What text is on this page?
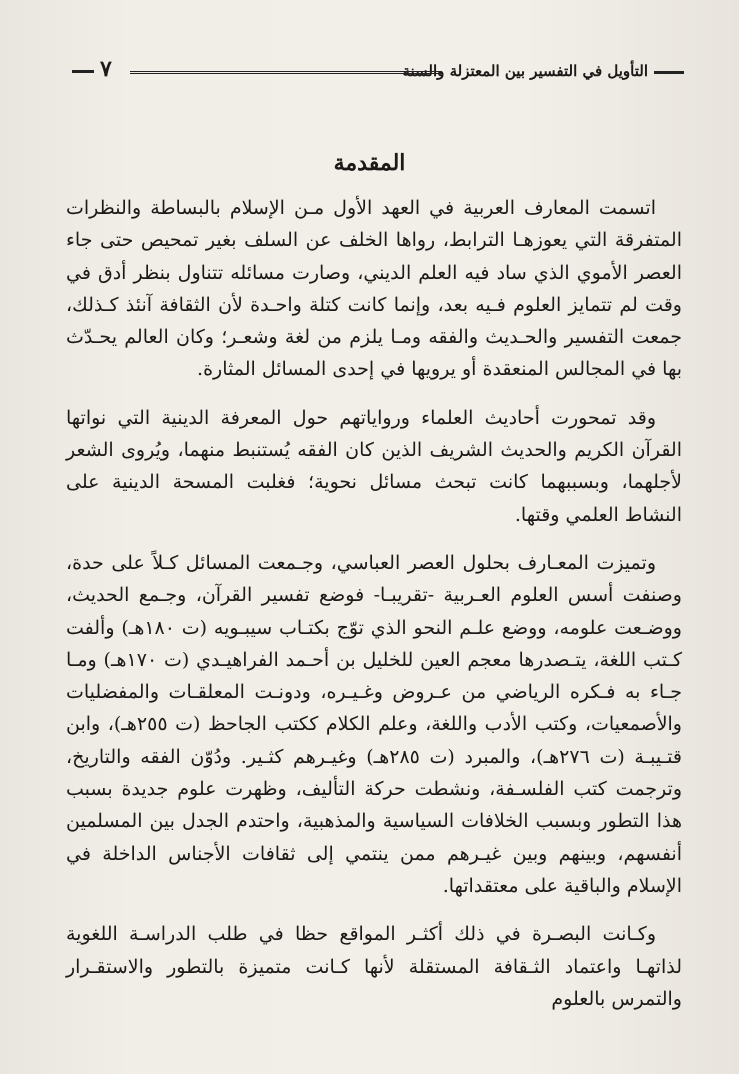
التأويل في التفسير بين المعتزلة والسنة
٧
المقدمة

اتسمت المعارف العربية في العهد الأول مـن الإسلام بالبساطة والنظرات المتفرقة التي يعوزهـا الترابط، رواها الخلف عن السلف بغير تمحيص حتى جاء العصر الأموي الذي ساد فيه العلم الديني، وصارت مسائله تتناول بنظر أدق في وقت لم تتمايز العلوم فـيه بعد، وإنما كانت كتلة واحـدة لأن الثقافة آنئذ كـذلك، جمعت التفسير والحـديث والفقه ومـا يلزم من لغة وشعـر؛ وكان العالم يحـدّث بها في المجالس المنعقدة أو يرويها في إحدى المسائل المثارة.

وقد تمحورت أحاديث العلماء ورواياتهم حول المعرفة الدينية التي نواتها القرآن الكريم والحديث الشريف الذين كان الفقه يُستنبط منهما، ويُروى الشعر لأجلهما، وبسببهما كانت تبحث مسائل نحوية؛ فغلبت المسحة الدينية على النشاط العلمي وقتها.

وتميزت المعـارف بحلول العصر العباسي، وجـمعت المسائل كـلاً على حدة، وصنفت أسس العلوم العـربية -تقريبـا- فوضع تفسير القرآن، وجـمع الحديث، ووضـعت علومه، ووضع علـم النحو الذي توّج بكتـاب سيبـويه (ت ١٨٠هـ) وألفت كـتب اللغة، يتـصدرها معجم العين للخليل بن أحـمد الفراهيـدي (ت ١٧٠هـ) ومـا جـاء به فـكره الرياضي من عـروض وغـيـره، ودونـت المعلقـات والمفضليات والأصمعيات، وكتب الأدب واللغة، وعلم الكلام ككتب الجاحظ (ت ٢٥٥هـ)، وابن قتـيبـة (ت ٢٧٦هـ)، والمبرد (ت ٢٨٥هـ) وغيـرهم كثـير. ودُوّن الفقه والتاريخ، وترجمت كتب الفلسـفة، ونشطت حركة التأليف، وظهرت علوم جديدة بسبب هذا التطور وبسبب الخلافات السياسية والمذهبية، واحتدم الجدل بين المسلمين أنفسهم، وبينهم وبين غيـرهم ممن ينتمي إلى ثقافات الأجناس الداخلة في الإسلام والباقية على معتقداتها.

وكـانت البصـرة في ذلك أكثـر المواقع حظا في طلب الدراسـة اللغوية لذاتهـا واعتماد الثـقافة المستقلة لأنها كـانت متميزة بالتطور والاستقـرار والتمرس بالعلوم
